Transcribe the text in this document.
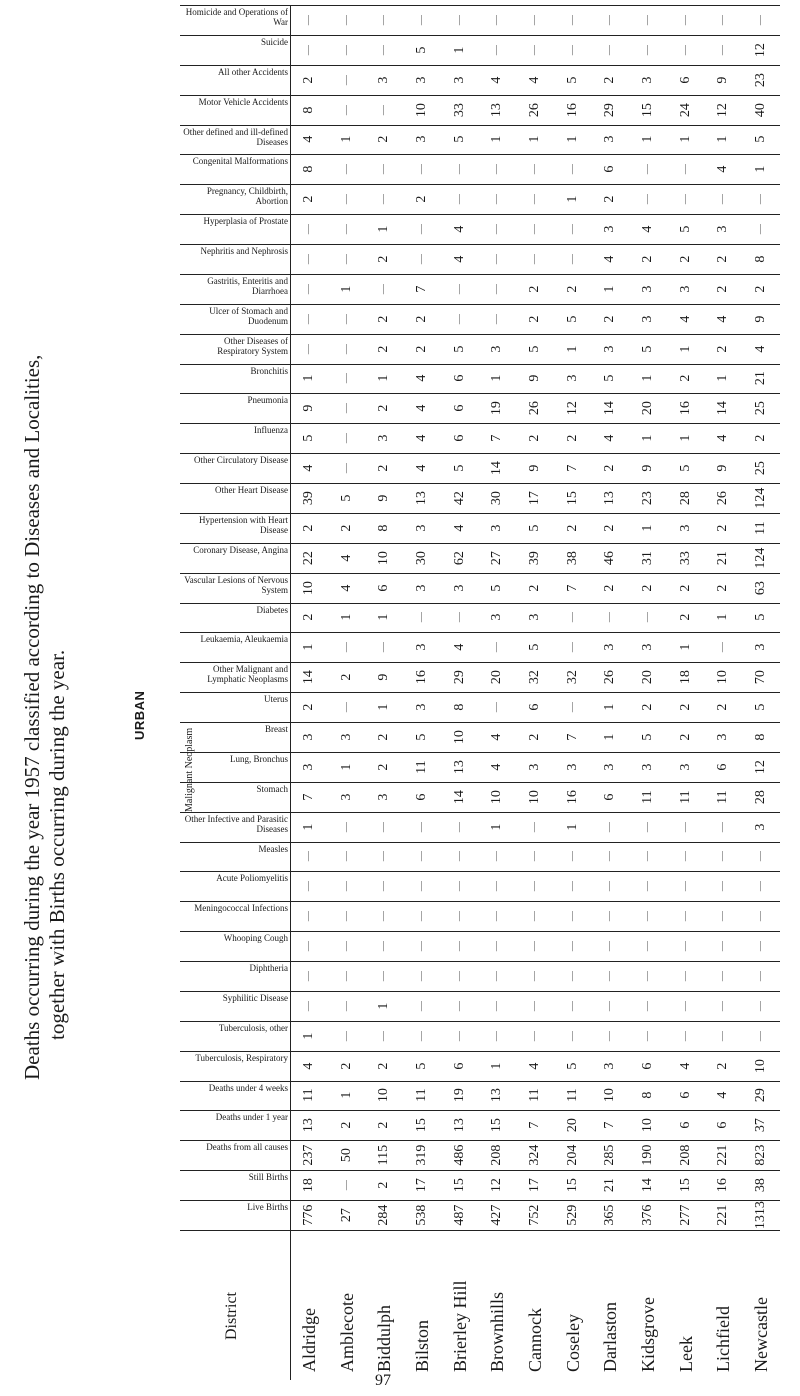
Deaths occurring during the year 1957 classified according to Diseases and Localities, together with Births occurring during the year.	URBAN
District
Live Births
Still Births
Deaths from all causes
Deaths under 1 year
Deaths under 4 weeks
Tuberculosis, Respiratory
Tuberculosis, other
Syphilitic Disease
Diphtheria
Whooping Cough
Meningococcal Infections
Acute Poliomyelitis
Measles
Other Infective and Parasitic Diseases
Stomach
Lung, Bronchus
Breast
Uterus
Other Malignant and Lymphatic Neoplasms
Leukaemia, Aleukaemia
Diabetes
Vascular Lesions of Nervous System
Coronary Disease, Angina
Hypertension with Heart Disease
Other Heart Disease
Other Circulatory Disease
Influenza
Pneumonia
Bronchitis
Other Diseases of Respiratory System
Ulcer of Stomach and Duodenum
Gastritis, Enteritis and Diarrhoea
Nephritis and Nephrosis
Hyperplasia of Prostate
Pregnancy, Childbirth, Abortion
Congenital Malformations
Other defined and ill-defined Diseases
Motor Vehicle Accidents
All other Accidents
Suicide
Homicide and Operations of War
Malignant Neoplasm
Aldridge
776
18
237
13
11
4
1
—
—
—
—
—
—
1
7
3
3
2
14
1
2
10
22
2
39
4
5
9
1
—
—
—
—
—
2
8
4
8
2
—
—
Amblecote
27
—
50
2
1
2
—
—
—
—
—
—
—
—
3
1
3
—
2
—
1
4
4
2
5
—
—
—
—
—
—
1
—
—
—
—
1
—
—
—
—
Biddulph
284
2
115
2
10
2
—
1
—
—
—
—
—
—
3
2
2
1
9
—
1
6
10
8
9
2
3
2
1
2
2
—
2
1
—
—
2
—
3
—
—
Bilston
538
17
319
15
11
5
—
—
—
—
—
—
—
—
6
11
5
3
16
3
—
3
30
3
13
4
4
4
4
2
2
7
—
—
2
—
3
10
3
5
—
Brierley Hill
487
15
486
13
19
6
—
—
—
—
—
—
—
—
14
13
10
8
29
4
—
3
62
4
42
5
6
6
6
5
—
—
4
4
—
—
5
33
3
1
—
Brownhills
427
12
208
15
13
1
—
—
—
—
—
—
—
1
10
4
4
—
20
—
3
5
27
3
30
14
7
19
1
3
—
—
—
—
—
—
1
13
4
—
—
Cannock
752
17
324
7
11
4
—
—
—
—
—
—
—
—
10
3
2
6
32
5
3
2
39
5
17
9
2
26
9
5
2
2
—
—
—
—
1
26
4
—
—
Coseley
529
15
204
20
11
5
—
—
—
—
—
—
—
1
16
3
7
—
32
—
—
7
38
2
15
7
2
12
3
1
5
2
—
—
1
—
1
16
5
—
—
Darlaston
365
21
285
7
10
3
—
—
—
—
—
—
—
—
6
3
1
1
26
3
—
2
46
2
13
2
4
14
5
3
2
1
4
3
2
6
3
29
2
—
—
Kidsgrove
376
14
190
10
8
6
—
—
—
—
—
—
—
—
11
3
5
2
20
3
—
2
31
1
23
9
1
20
1
5
3
3
2
4
—
—
1
15
3
—
—
Leek
277
15
208
6
6
4
—
—
—
—
—
—
—
—
11
3
2
2
18
1
2
2
33
3
28
5
1
16
2
1
4
3
2
5
—
—
1
24
6
—
—
Lichfield
221
16
221
6
4
2
—
—
—
—
—
—
—
—
11
6
3
2
10
—
1
2
21
2
26
9
4
14
1
2
4
2
2
3
—
4
1
12
9
—
—
Newcastle
1313
38
823
37
29
10
—
—
—
—
—
—
—
3
28
12
8
5
70
3
5
63
124
11
124
25
2
25
21
4
9
2
8
—
—
1
5
40
23
12
—
97
